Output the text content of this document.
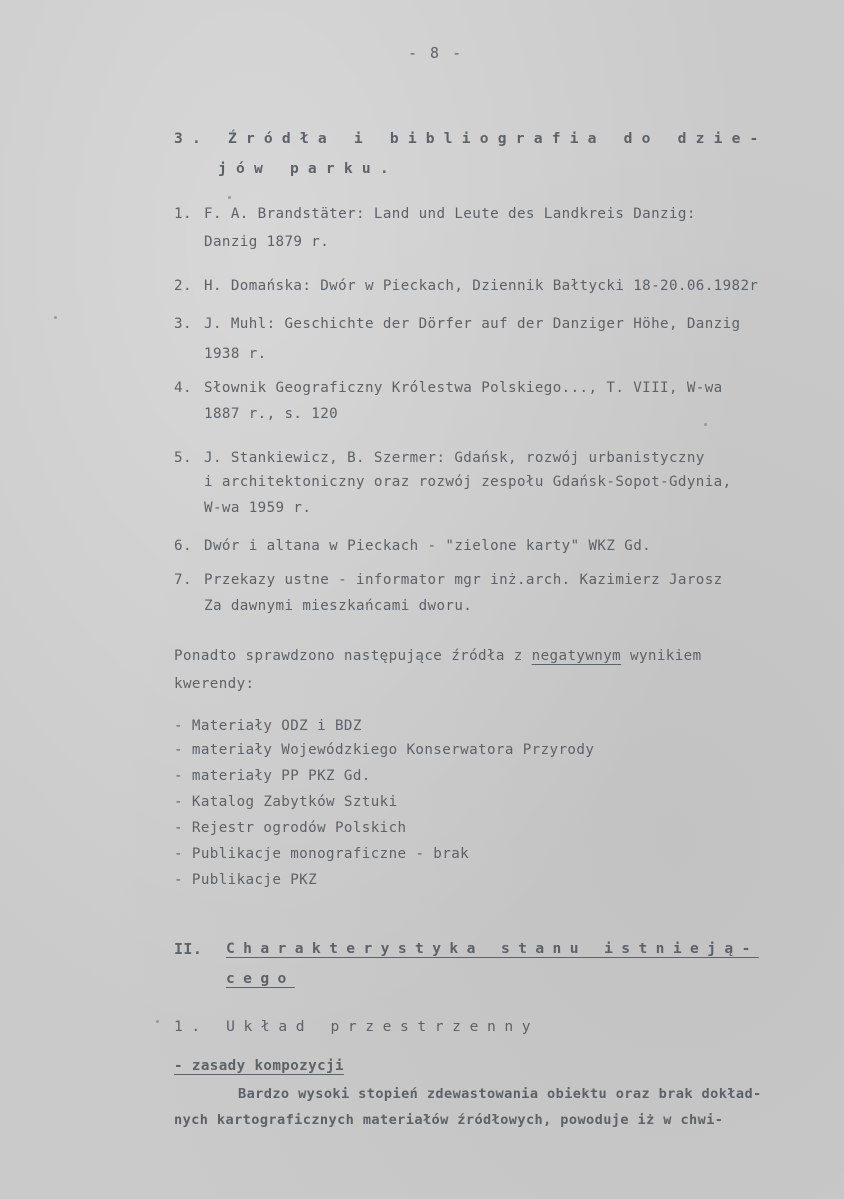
- 8 -
3. Źródła i bibliografia do dzie-
jów parku.
1. F. A. Brandstäter: Land und Leute des Landkreis Danzig:
Danzig 1879 r.
2. H. Domańska: Dwór w Pieckach, Dziennik Bałtycki 18-20.06.1982r
3. J. Muhl: Geschichte der Dörfer auf der Danziger Höhe, Danzig
1938 r.
4. Słownik Geograficzny Królestwa Polskiego..., T. VIII, W-wa
1887 r., s. 120
5. J. Stankiewicz, B. Szermer: Gdańsk, rozwój urbanistyczny
i architektoniczny oraz rozwój zespołu Gdańsk-Sopot-Gdynia,
W-wa 1959 r.
6. Dwór i altana w Pieckach - "zielone karty" WKZ Gd.
7. Przekazy ustne - informator mgr inż.arch. Kazimierz Jarosz
Za dawnymi mieszkańcami dworu.
Ponadto sprawdzono następujące źródła z negatywnym wynikiem
kwerendy:
- Materiały ODZ i BDZ
- materiały Wojewódzkiego Konserwatora Przyrody
- materiały PP PKZ Gd.
- Katalog Zabytków Sztuki
- Rejestr ogrodów Polskich
- Publikacje monograficzne - brak
- Publikacje PKZ
II. Charakterystyka stanu istnieją-
cego
1. Układ przestrzenny
- zasady kompozycji
Bardzo wysoki stopień zdewastowania obiektu oraz brak dokład-
nych kartograficznych materiałów źródłowych, powoduje iż w chwi-
